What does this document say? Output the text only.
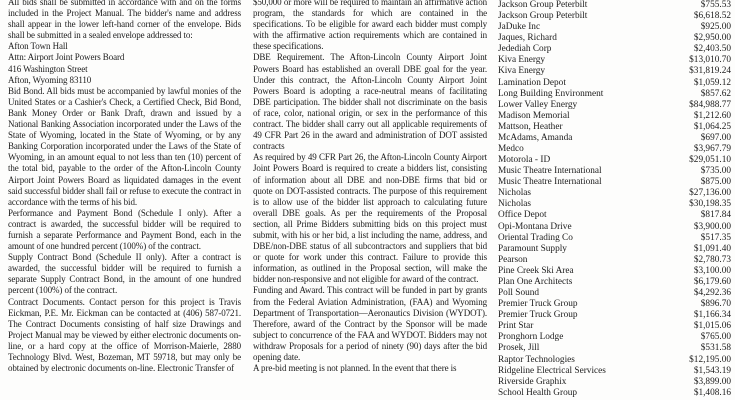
All bids shall be submitted in accordance with and on the forms included in the Project Manual. The bidder's name and address shall appear in the lower left-hand corner of the envelope. Bids shall be submitted in a sealed envelope addressed to:
Afton Town Hall
Attn: Airport Joint Powers Board
416 Washington Street
Afton, Wyoming 83110
Bid Bond. All bids must be accompanied by lawful monies of the United States or a Cashier's Check, a Certified Check, Bid Bond, Bank Money Order or Bank Draft, drawn and issued by a National Banking Association incorporated under the Laws of the State of Wyoming, located in the State of Wyoming, or by any Banking Corporation incorporated under the Laws of the State of Wyoming, in an amount equal to not less than ten (10) percent of the total bid, payable to the order of the Afton-Lincoln County Airport Joint Powers Board as liquidated damages in the event said successful bidder shall fail or refuse to execute the contract in accordance with the terms of his bid.
Performance and Payment Bond (Schedule I only). After a contract is awarded, the successful bidder will be required to furnish a separate Performance and Payment Bond, each in the amount of one hundred percent (100%) of the contract.
Supply Contract Bond (Schedule II only). After a contract is awarded, the successful bidder will be required to furnish a separate Supply Contract Bond, in the amount of one hundred percent (100%) of the contract.
Contract Documents. Contact person for this project is Travis Eickman, P.E. Mr. Eickman can be contacted at (406) 587-0721. The Contract Documents consisting of half size Drawings and Project Manual may be viewed by either electronic documents on-line, or a hard copy at the office of Morrison-Maierle, 2880 Technology Blvd. West, Bozeman, MT 59718, but may only be obtained by electronic documents on-line. Electronic Transfer of
$50,000 or more will be required to maintain an affirmative action program, the standards for which are contained in the specifications. To be eligible for award each bidder must comply with the affirmative action requirements which are contained in these specifications.
DBE Requirement. The Afton-Lincoln County Airport Joint Powers Board has established an overall DBE goal for the year. Under this contract, the Afton-Lincoln County Airport Joint Powers Board is adopting a race-neutral means of facilitating DBE participation. The bidder shall not discriminate on the basis of race, color, national origin, or sex in the performance of this contract. The bidder shall carry out all applicable requirements of 49 CFR Part 26 in the award and administration of DOT assisted contracts
As required by 49 CFR Part 26, the Afton-Lincoln County Airport Joint Powers Board is required to create a bidders list, consisting of information about all DBE and non-DBE firms that bid or quote on DOT-assisted contracts. The purpose of this requirement is to allow use of the bidder list approach to calculating future overall DBE goals. As per the requirements of the Proposal section, all Prime Bidders submitting bids on this project must submit, with his or her bid, a list including the name, address, and DBE/non-DBE status of all subcontractors and suppliers that bid or quote for work under this contract. Failure to provide this information, as outlined in the Proposal section, will make the bidder non-responsive and not eligible for award of the contract.
Funding and Award. This contract will be funded in part by grants from the Federal Aviation Administration, (FAA) and Wyoming Department of Transportation—Aeronautics Division (WYDOT). Therefore, award of the Contract by the Sponsor will be made subject to concurrence of the FAA and WYDOT. Bidders may not withdraw Proposals for a period of ninety (90) days after the bid opening date.
A pre-bid meeting is not planned. In the event that there is
Jackson Group Peterbilt	$755.53
Jackson Group Peterbilt	$6,618.52
JaDuke Inc	$925.00
Jaques, Richard	$2,950.00
Jedediah Corp	$2,403.50
Kiva Energy	$13,010.70
Kiva Energy	$31,819.24
Lamination Depot	$1,059.12
Long Building Environment	$857.62
Lower Valley Energy	$84,988.77
Madison Memorial	$1,212.60
Mattson, Heather	$1,064.25
McAdams, Amanda	$697.00
Medco	$3,967.79
Motorola - ID	$29,051.10
Music Theatre International	$735.00
Music Theatre International	$875.00
Nicholas	$27,136.00
Nicholas	$30,198.35
Office Depot	$817.84
Opi-Montana Drive	$3,900.00
Oriental Trading Co	$517.35
Paramount Supply	$1,091.40
Pearson	$2,780.73
Pine Creek Ski Area	$3,100.00
Plan One Architects	$6,179.60
Poll Sound	$4,292.36
Premier Truck Group	$896.70
Premier Truck Group	$1,166.34
Print Star	$1,015.06
Pronghorn Lodge	$765.00
Prosek, Jill	$531.58
Raptor Technologies	$12,195.00
Ridgeline Electrical Services	$1,543.19
Riverside Graphix	$3,899.00
School Health Group	$1,408.16
